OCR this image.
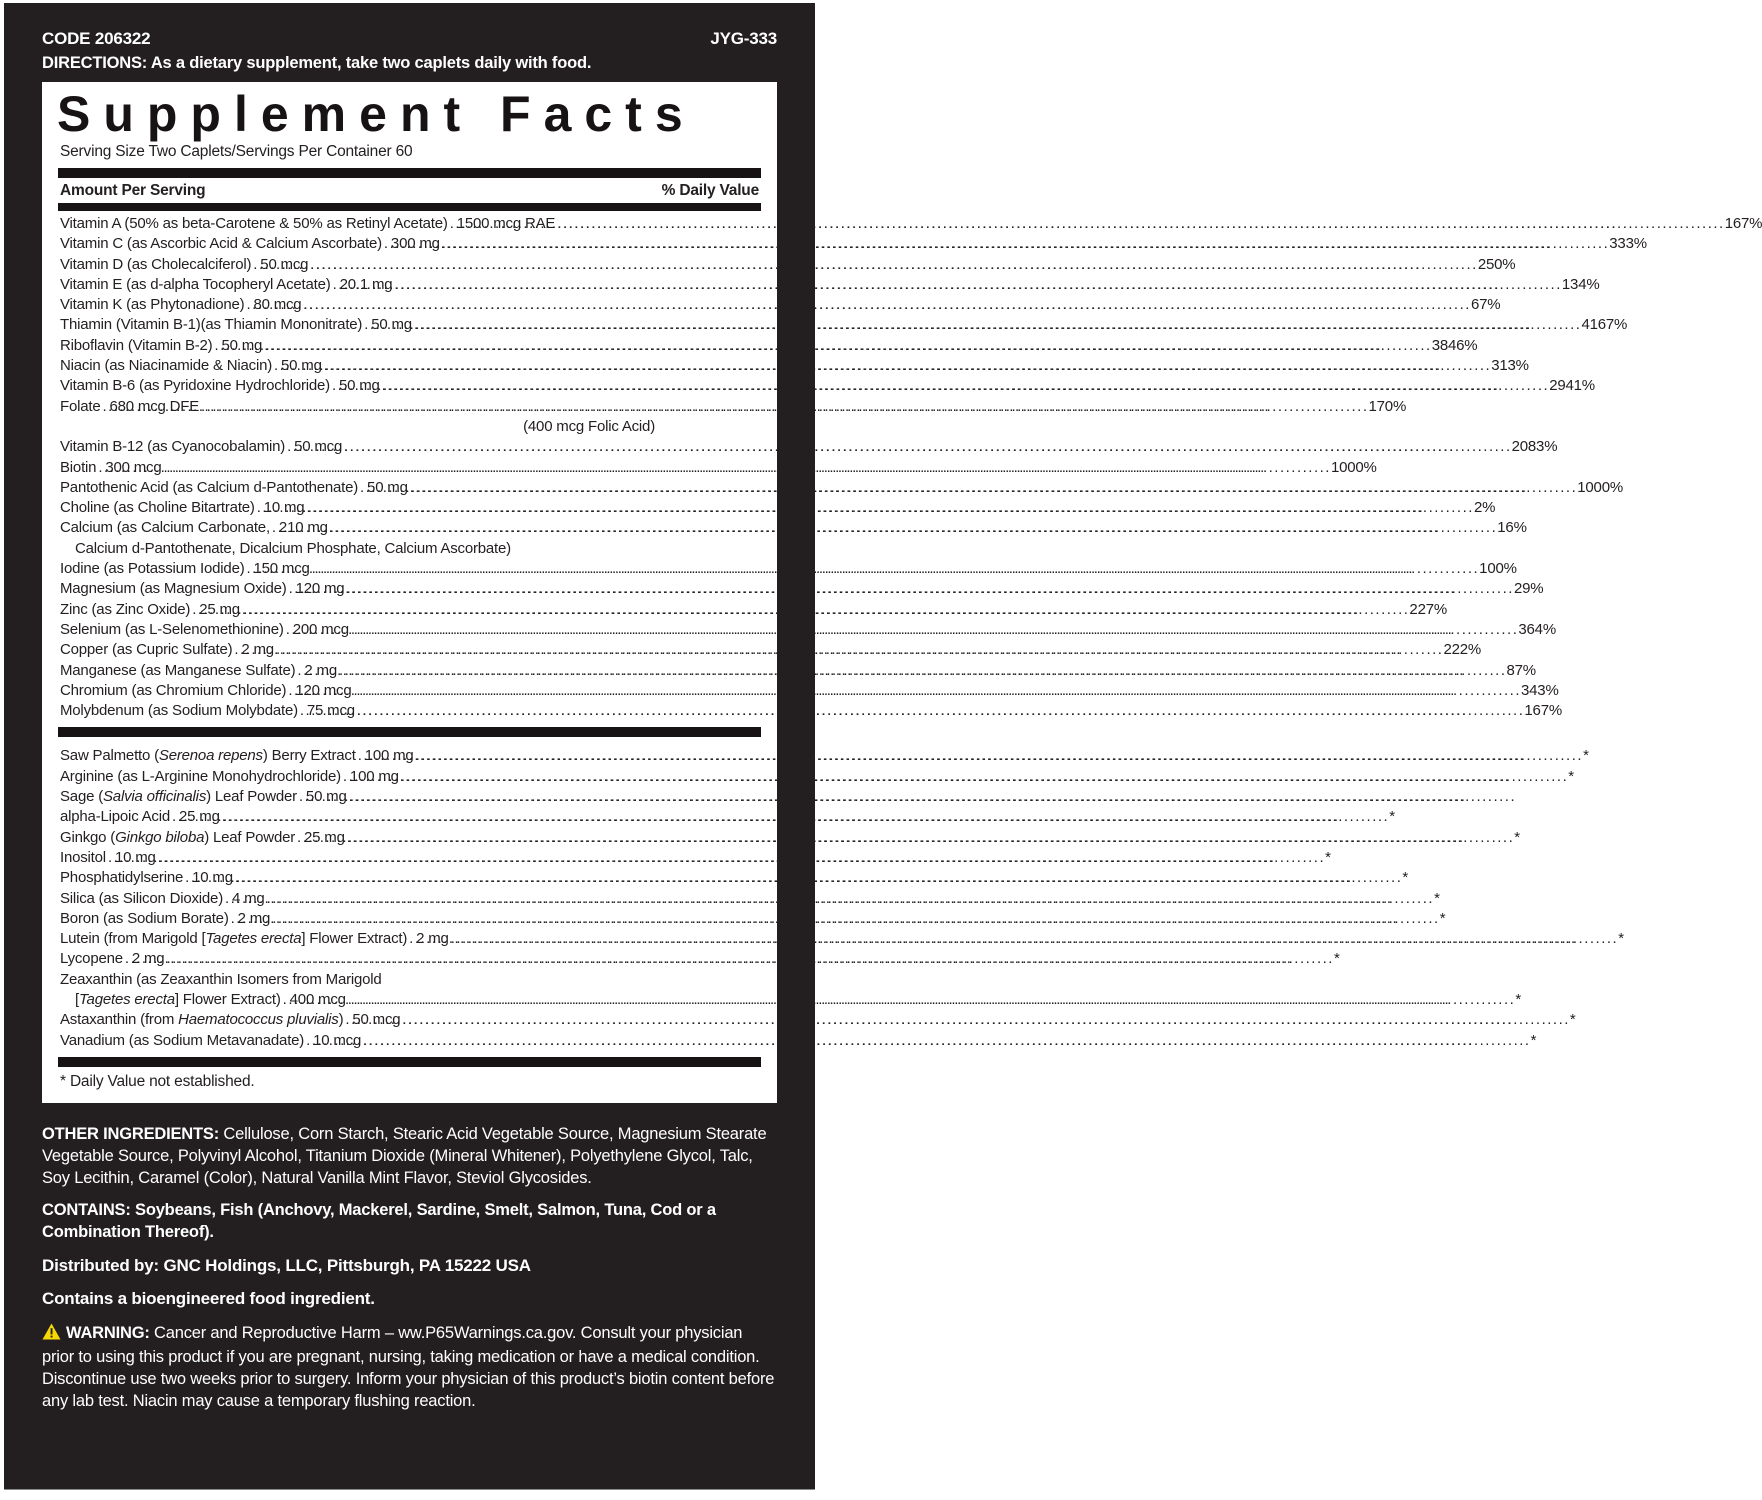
CODE 206322	JYG-333
DIRECTIONS: As a dietary supplement, take two caplets daily with food.
Supplement Facts
Serving Size Two Caplets/Servings Per Container 60
Amount Per Serving	% Daily Value
Vitamin A (50% as beta-Carotene & 50% as Retinyl Acetate) ..... 1500 mcg RAE .....	167%
Vitamin C (as Ascorbic Acid & Calcium Ascorbate) ..... 300 mg .....	333%
Vitamin D (as Cholecalciferol) ..... 50 mcg .....	250%
Vitamin E (as d-alpha Tocopheryl Acetate) ..... 20.1 mg .....	134%
Vitamin K (as Phytonadione) ..... 80 mcg .....	67%
Thiamin (Vitamin B-1)(as Thiamin Mononitrate) ..... 50 mg .....	4167%
Riboflavin (Vitamin B-2) ..... 50 mg .....	3846%
Niacin (as Niacinamide & Niacin) ..... 50 mg .....	313%
Vitamin B-6 (as Pyridoxine Hydrochloride) ..... 50 mg .....	2941%
Folate ..... 680 mcg DFE .....	170%
(400 mcg Folic Acid)
Vitamin B-12 (as Cyanocobalamin) ..... 50 mcg .....	2083%
Biotin ..... 300 mcg .....	1000%
Pantothenic Acid (as Calcium d-Pantothenate) ..... 50 mg .....	1000%
Choline (as Choline Bitartrate) ..... 10 mg .....	2%
Calcium (as Calcium Carbonate, ..... 210 mg .....	16%
Calcium d-Pantothenate, Dicalcium Phosphate, Calcium Ascorbate)
Iodine (as Potassium Iodide) ..... 150 mcg .....	100%
Magnesium (as Magnesium Oxide) ..... 120 mg .....	29%
Zinc (as Zinc Oxide) ..... 25 mg .....	227%
Selenium (as L-Selenomethionine) ..... 200 mcg .....	364%
Copper (as Cupric Sulfate) ..... 2 mg .....	222%
Manganese (as Manganese Sulfate) ..... 2 mg .....	87%
Chromium (as Chromium Chloride) ..... 120 mcg .....	343%
Molybdenum (as Sodium Molybdate) ..... 75 mcg .....	167%
Saw Palmetto (Serenoa repens) Berry Extract ..... 100 mg .....	*
Arginine (as L-Arginine Monohydrochloride) ..... 100 mg .....	*
Sage (Salvia officinalis) Leaf Powder ..... 50 mg
.....
alpha-Lipoic Acid ..... 25 mg .....	*
Ginkgo (Ginkgo biloba) Leaf Powder ..... 25 mg .....	*
Inositol ..... 10 mg .....	*
Phosphatidylserine ..... 10 mg .....	*
Silica (as Silicon Dioxide) ..... 4 mg .....	*
Boron (as Sodium Borate) ..... 2 mg .....	*
Lutein (from Marigold [Tagetes erecta] Flower Extract) ..... 2 mg .....	*
Lycopene ..... 2 mg .....	*
Zeaxanthin (as Zeaxanthin Isomers from Marigold
[Tagetes erecta] Flower Extract) ..... 400 mcg .....	*
Astaxanthin (from Haematococcus pluvialis) ..... 50 mcg .....	*
Vanadium (as Sodium Metavanadate) ..... 10 mcg .....	*
* Daily Value not established.
OTHER INGREDIENTS: Cellulose, Corn Starch, Stearic Acid Vegetable Source, Magnesium Stearate Vegetable Source, Polyvinyl Alcohol, Titanium Dioxide (Mineral Whitener), Polyethylene Glycol, Talc, Soy Lecithin, Caramel (Color), Natural Vanilla Mint Flavor, Steviol Glycosides.
CONTAINS: Soybeans, Fish (Anchovy, Mackerel, Sardine, Smelt, Salmon, Tuna, Cod or a Combination Thereof).
Distributed by: GNC Holdings, LLC, Pittsburgh, PA 15222 USA
Contains a bioengineered food ingredient.
WARNING: Cancer and Reproductive Harm – ww.P65Warnings.ca.gov. Consult your physician prior to using this product if you are pregnant, nursing, taking medication or have a medical condition. Discontinue use two weeks prior to surgery. Inform your physician of this product’s biotin content before any lab test. Niacin may cause a temporary flushing reaction.
